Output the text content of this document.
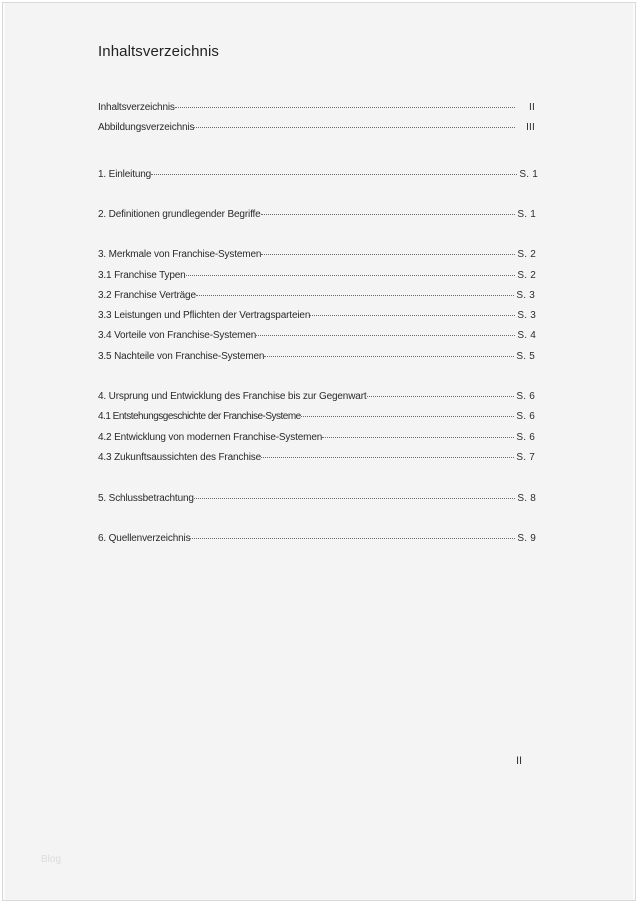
Inhaltsverzeichnis
Inhaltsverzeichnis	II
Abbildungsverzeichnis	III
1. Einleitung	S. 1
2. Definitionen grundlegender Begriffe	S. 1
3. Merkmale von Franchise-Systemen	S. 2
3.1 Franchise Typen	S. 2
3.2 Franchise Verträge	S. 3
3.3 Leistungen und Pflichten der Vertragsparteien	S. 3
3.4 Vorteile von Franchise-Systemen	S. 4
3.5 Nachteile von Franchise-Systemen	S. 5
4. Ursprung und Entwicklung des Franchise bis zur Gegenwart	S. 6
4.1 Entstehungsgeschichte der Franchise-Systeme	S. 6
4.2 Entwicklung von modernen Franchise-Systemen	S. 6
4.3 Zukunftsaussichten des Franchise	S. 7
5. Schlussbetrachtung	S. 8
6. Quellenverzeichnis	S. 9
II
Blog
